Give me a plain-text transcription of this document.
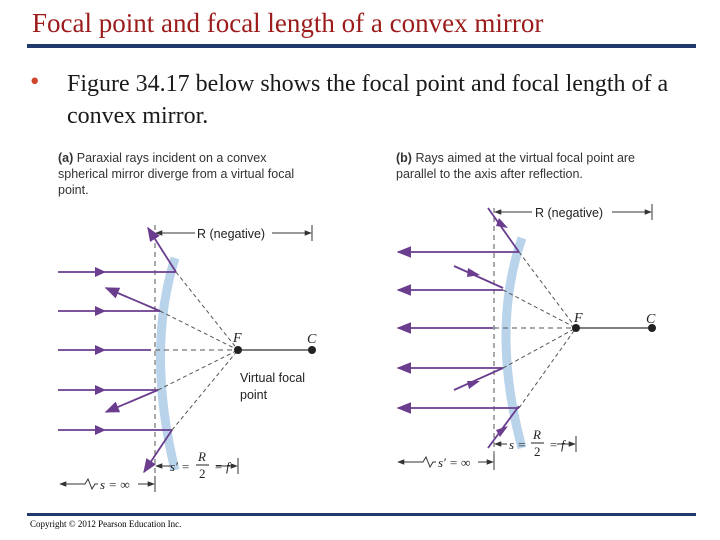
Focal point and focal length of a convex mirror
• Figure 34.17 below shows the focal point and focal length of a convex mirror.
(a) Paraxial rays incident on a convex spherical mirror diverge from a virtual focal point.
(b) Rays aimed at the virtual focal point are parallel to the axis after reflection.
F	C
Virtual focal
point
R (negative)
s′ =
R
2 = f
s = ∞
F	C
R (negative)
s =
R
2 = f
s′ = ∞
Copyright © 2012 Pearson Education Inc.
